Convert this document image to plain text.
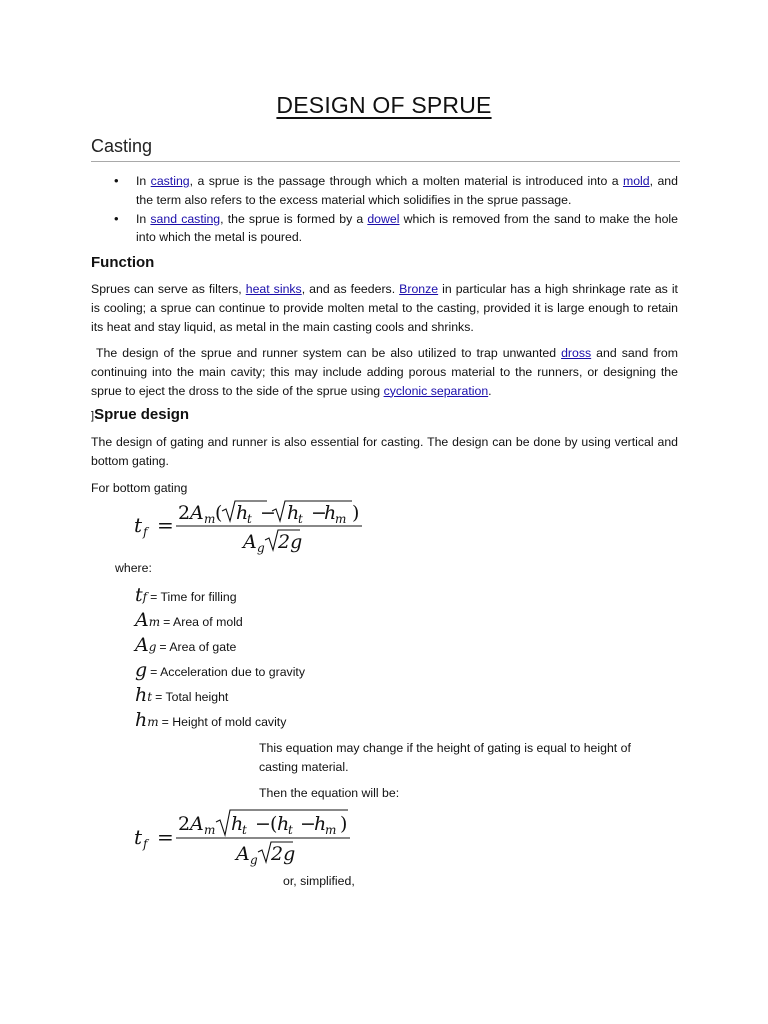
DESIGN OF SPRUE
Casting
• In casting, a sprue is the passage through which a molten material is introduced into a mold, and the term also refers to the excess material which solidifies in the sprue passage.
• In sand casting, the sprue is formed by a dowel which is removed from the sand to make the hole into which the metal is poured.
Function

Sprues can serve as filters, heat sinks, and as feeders. Bronze in particular has a high shrinkage rate as it is cooling; a sprue can continue to provide molten metal to the casting, provided it is large enough to retain its heat and stay liquid, as metal in the main casting cools and shrinks.

The design of the sprue and runner system can be also utilized to trap unwanted dross and sand from continuing into the main cavity; this may include adding porous material to the runners, or designing the sprue to eject the dross to the side of the sprue using cyclonic separation.

]Sprue design

The design of gating and runner is also essential for casting. The design can be done by using vertical and bottom gating.

For bottom gating
t f = 2 A m ( h
t − h
t −
h
m )
A g 2g
where:
tf = Time for filling
Am = Area of mold
Ag = Area of gate
g = Acceleration due to gravity
ht = Total height
hm = Height of mold cavity

This equation may change if the height of gating is equal to height of casting material.

Then the equation will be:
t f =
2 A m h
t − ( h
t −
h
m )
A g 2g
or, simplified,
